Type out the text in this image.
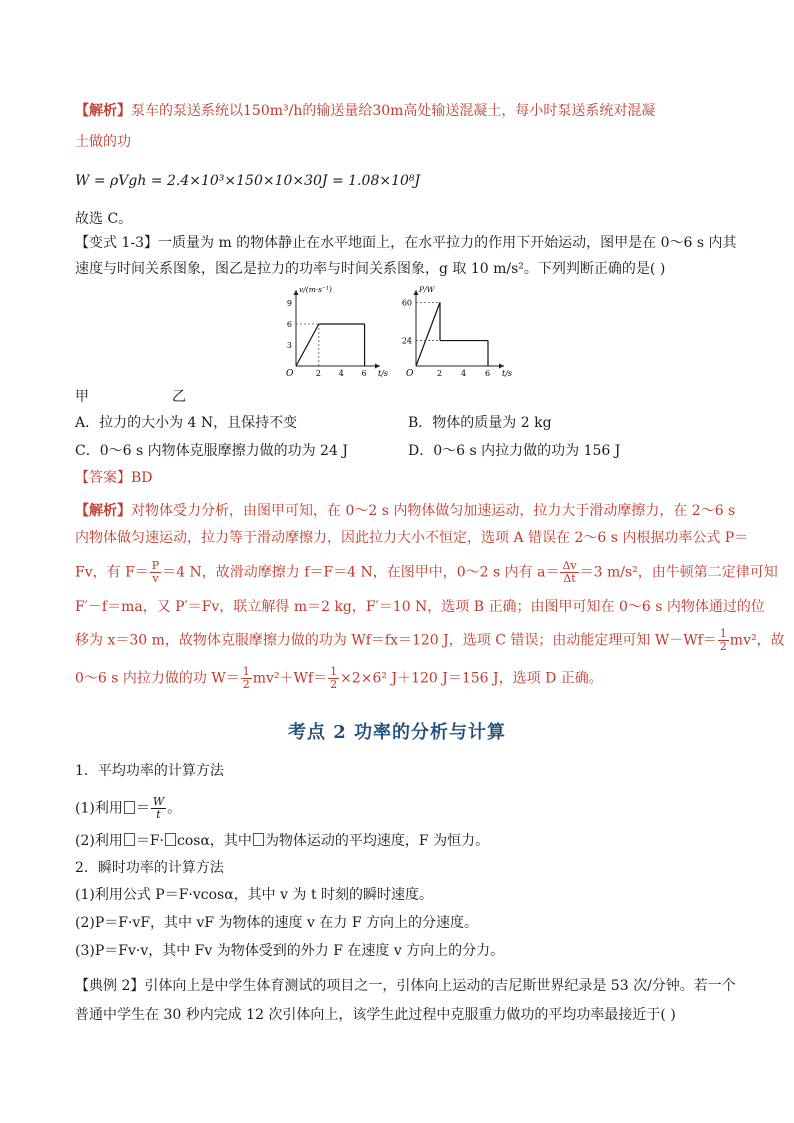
【解析】泵车的泵送系统以150m³/h的输送量给30m高处输送混凝土，每小时泵送系统对混凝
土做的功
W = ρVgh = 2.4×10³×150×10×30J = 1.08×10⁸J
故选 C。
【变式 1-3】一质量为 m 的物体静止在水平地面上，在水平拉力的作用下开始运动，图甲是在 0～6 s 内其
速度与时间关系图象，图乙是拉力的功率与时间关系图象，g 取 10 m/s²。下列判断正确的是( )
O	t/s
v/(m·s⁻¹)
2 4 6
3
6
9
O	t/s
P/W
2 4 6
24
60
甲	乙
A．拉力的大小为 4 N，且保持不变	B．物体的质量为 2 kg
C．0～6 s 内物体克服摩擦力做的功为 24 J	D．0～6 s 内拉力做的功为 156 J
【答案】BD
【解析】对物体受力分析，由图甲可知，在 0～2 s 内物体做匀加速运动，拉力大于滑动摩擦力，在 2～6 s
内物体做匀速运动，拉力等于滑动摩擦力，因此拉力大小不恒定，选项 A 错误在 2～6 s 内根据功率公式 P＝
Fv，有 $F= \frac{P}{v} =4$ N，故滑动摩擦力 f＝F＝4 N，在图甲中，0～2 s 内有 $a= \frac{\Delta v}{\Delta t} =3$ m/s²，由牛顿第二定律可知
F′－f＝ma，又 P′＝Fv，联立解得 m＝2 kg，F′＝10 N，选项 B 正确；由图甲可知在 0～6 s 内物体通过的位
移为 x＝30 m，故物体克服摩擦力做的功为 Wf＝fx＝120 J，选项 C 错误；由动能定理可知 $W-Wf= \frac{1}{2} mv^2$，故
0～6 s 内拉力做的功 $W= \frac{1}{2} mv^2+Wf= \frac{1}{2} \times 2\times 6^2$ J＋120 J＝156 J，选项 D 正确。
考点 2 功率的分析与计算
1．平均功率的计算方法
(1)利用 ＝ $\frac{W}{t}$ 。
(2)利用 ＝F· cosα，其中 为物体运动的平均速度，F 为恒力。
2．瞬时功率的计算方法
(1)利用公式 P＝F·vcosα，其中 v 为 t 时刻的瞬时速度。
(2)P＝F·vF，其中 vF 为物体的速度 v 在力 F 方向上的分速度。
(3)P＝Fv·v，其中 Fv 为物体受到的外力 F 在速度 v 方向上的分力。
【典例 2】引体向上是中学生体育测试的项目之一，引体向上运动的吉尼斯世界纪录是 53 次/分钟。若一个
普通中学生在 30 秒内完成 12 次引体向上，该学生此过程中克服重力做功的平均功率最接近于( )
